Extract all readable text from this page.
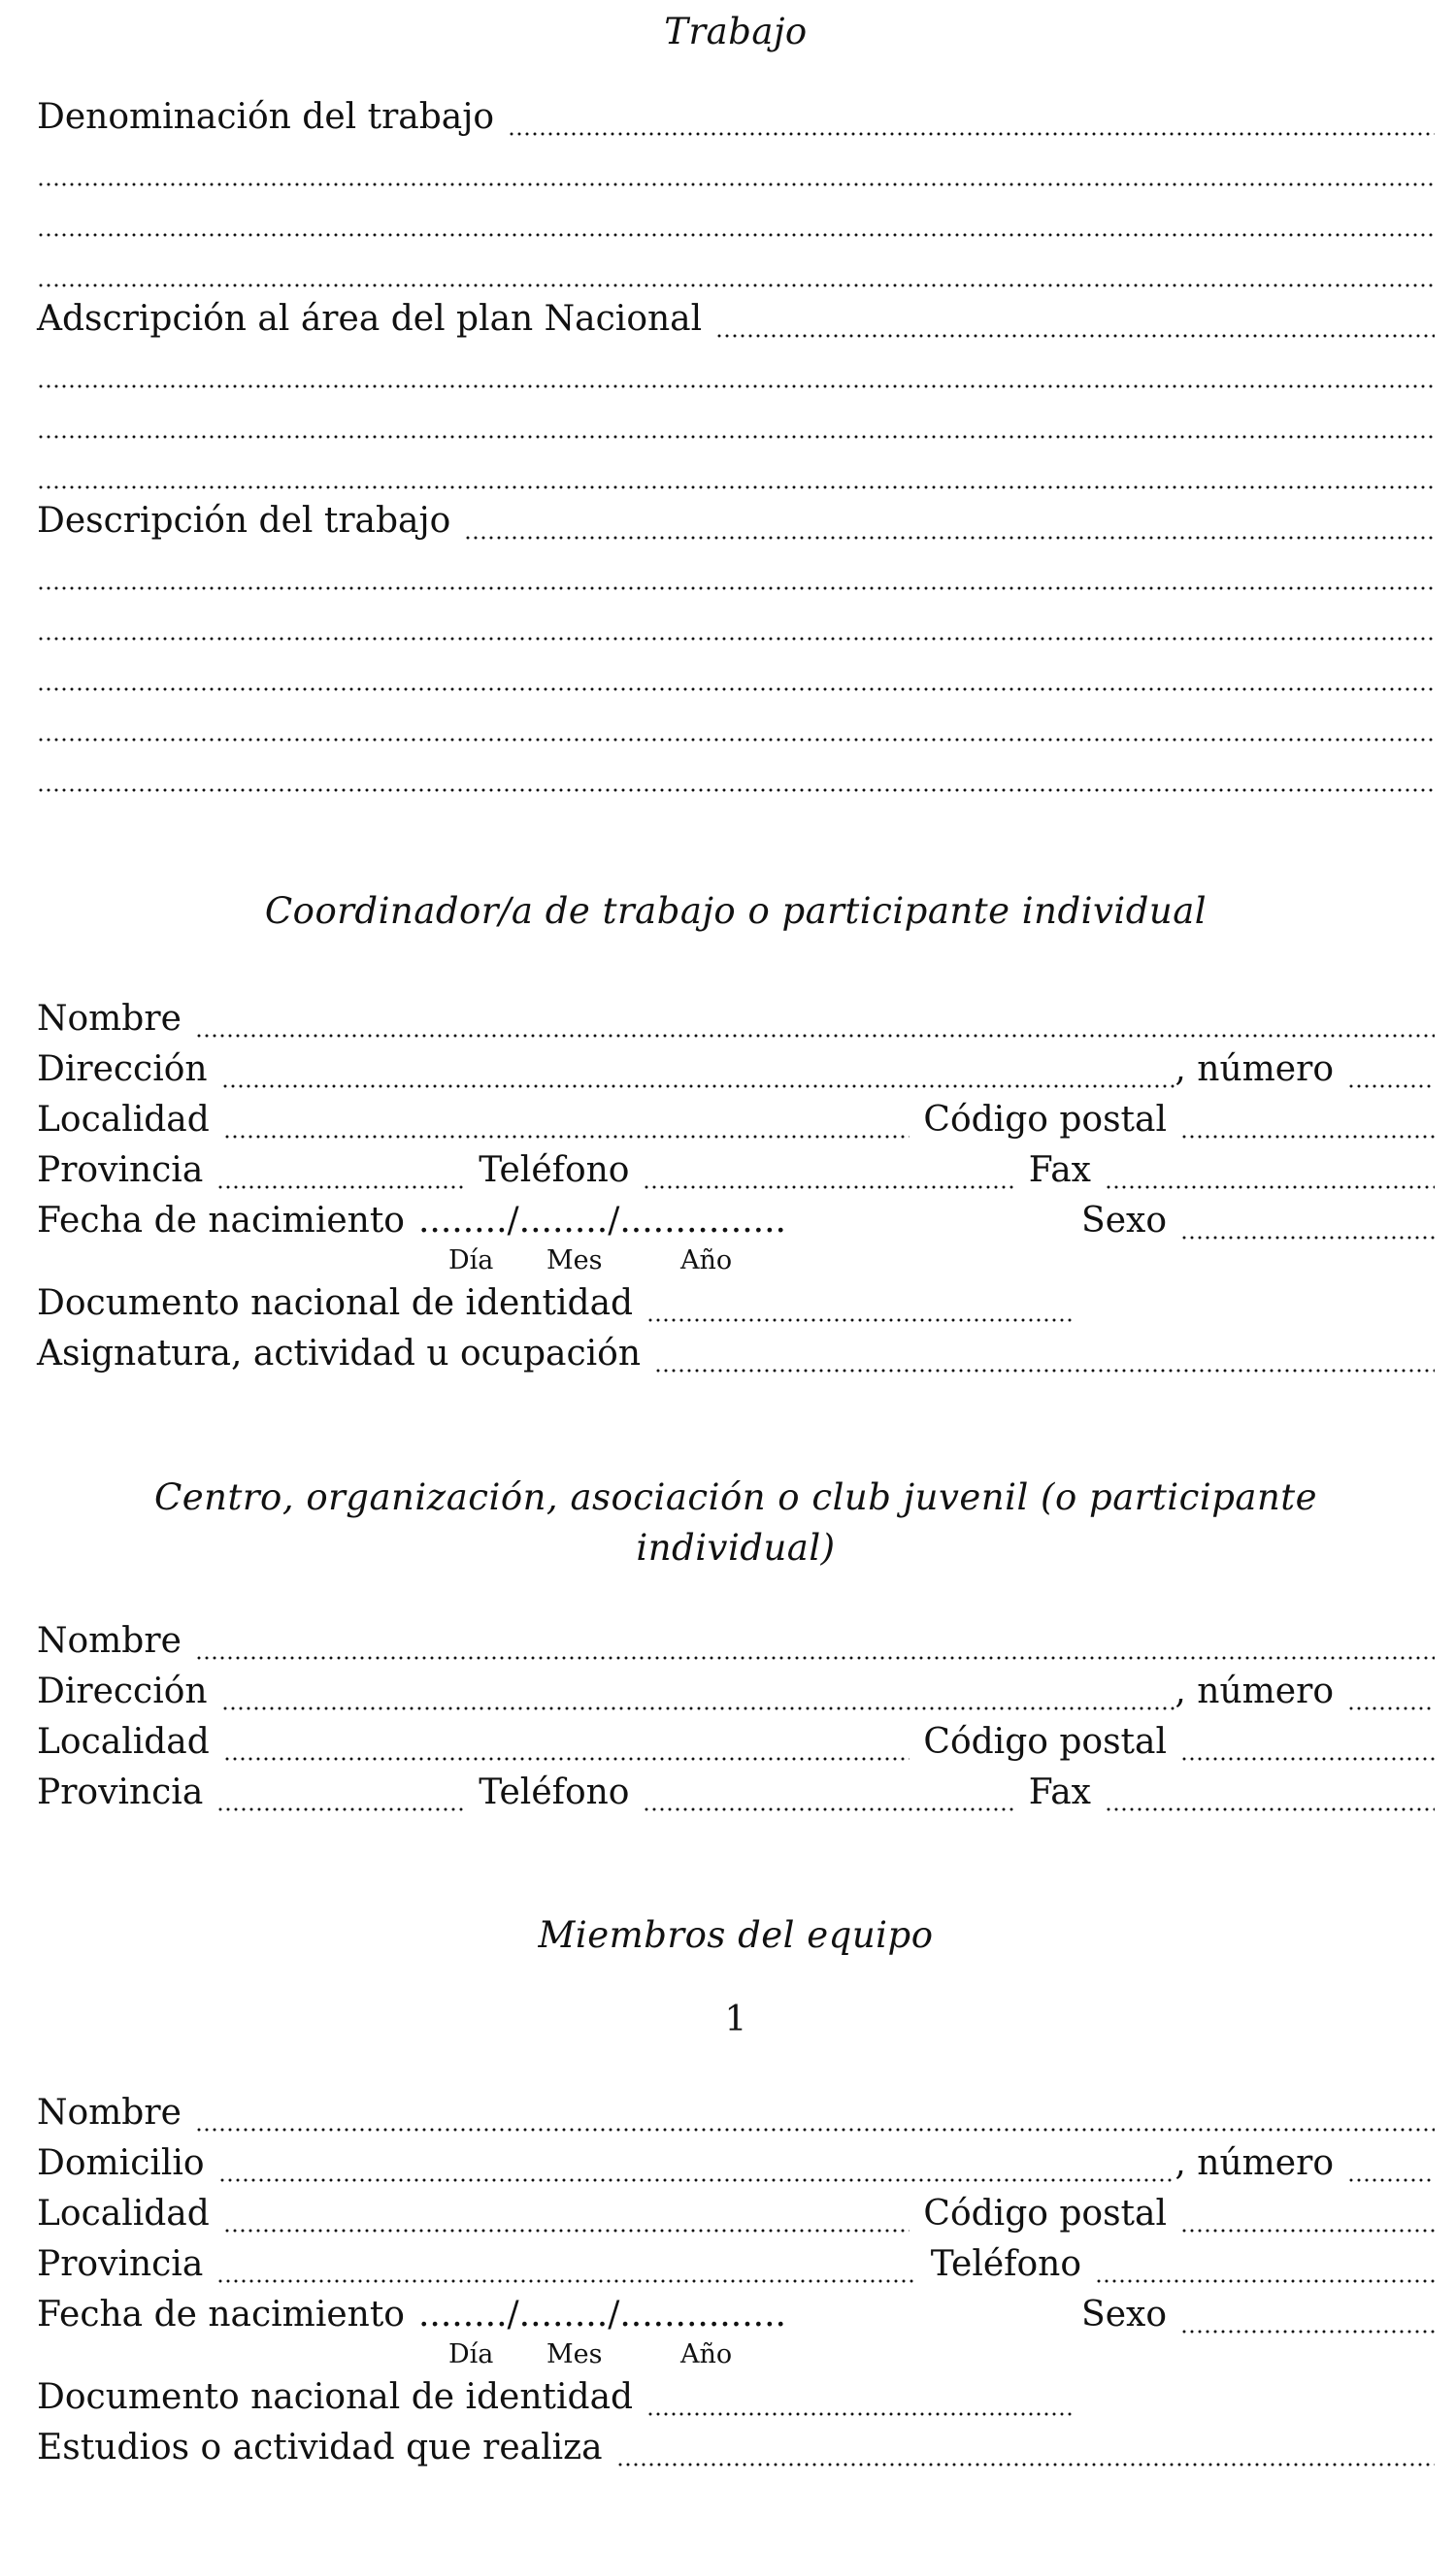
Trabajo
Denominación del trabajo
Adscripción al área del plan Nacional
Descripción del trabajo
Coordinador/a de trabajo o participante individual
Nombre
Dirección	, número
Localidad	Código postal
Provincia	Teléfono	Fax
Fecha de nacimiento ......../......../...............	Sexo
Día Mes	Año
Documento nacional de identidad
Asignatura, actividad u ocupación
Centro, organización, asociación o club juvenil (o participante
individual)
Nombre
Dirección	, número
Localidad	Código postal
Provincia	Teléfono	Fax
Miembros del equipo
1
Nombre
Domicilio	, número
Localidad	Código postal
Provincia	Teléfono
Fecha de nacimiento ......../......../...............	Sexo
Día Mes	Año
Documento nacional de identidad
Estudios o actividad que realiza
